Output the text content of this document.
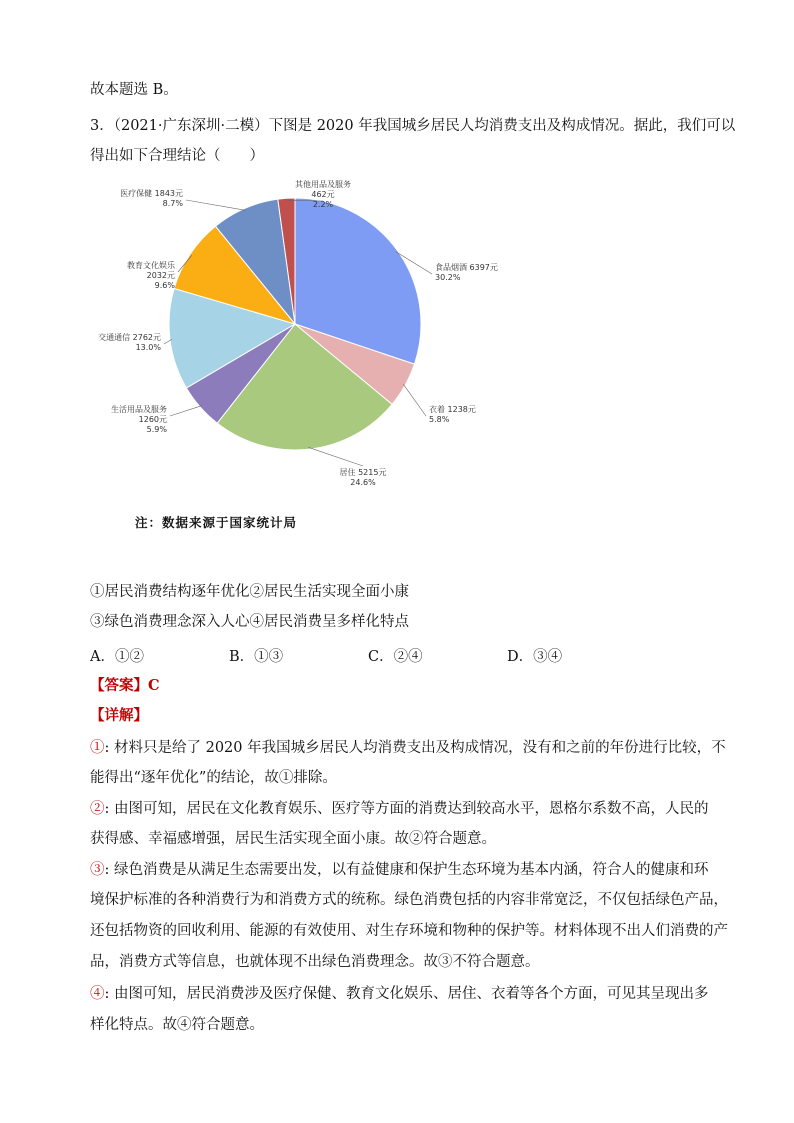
故本题选 B。
3．（2021·广东深圳·二模）下图是 2020 年我国城乡居民人均消费支出及构成情况。据此，我们可以
得出如下合理结论（　　）
食品烟酒 6397元 30.2%
衣着 1238元 5.8%
居住 5215元 24.6%
生活用品及服务 1260元 5.9%
交通通信 2762元 13.0%
教育文化娱乐 2032元 9.6%
医疗保健 1843元 8.7%
其他用品及服务 462元 2.2%
注：数据来源于国家统计局
①居民消费结构逐年优化②居民生活实现全面小康
③绿色消费理念深入人心④居民消费呈多样化特点
A．①②	B．①③	C．②④	D．③④
【答案】C
【详解】
①: 材料只是给了 2020 年我国城乡居民人均消费支出及构成情况，没有和之前的年份进行比较，不
能得出“逐年优化”的结论，故①排除。
②: 由图可知，居民在文化教育娱乐、医疗等方面的消费达到较高水平，恩格尔系数不高，人民的
获得感、幸福感增强，居民生活实现全面小康。故②符合题意。
③: 绿色消费是从满足生态需要出发，以有益健康和保护生态环境为基本内涵，符合人的健康和环
境保护标准的各种消费行为和消费方式的统称。绿色消费包括的内容非常宽泛，不仅包括绿色产品，
还包括物资的回收利用、能源的有效使用、对生存环境和物种的保护等。材料体现不出人们消费的产
品，消费方式等信息，也就体现不出绿色消费理念。故③不符合题意。
④: 由图可知，居民消费涉及医疗保健、教育文化娱乐、居住、衣着等各个方面，可见其呈现出多
样化特点。故④符合题意。
